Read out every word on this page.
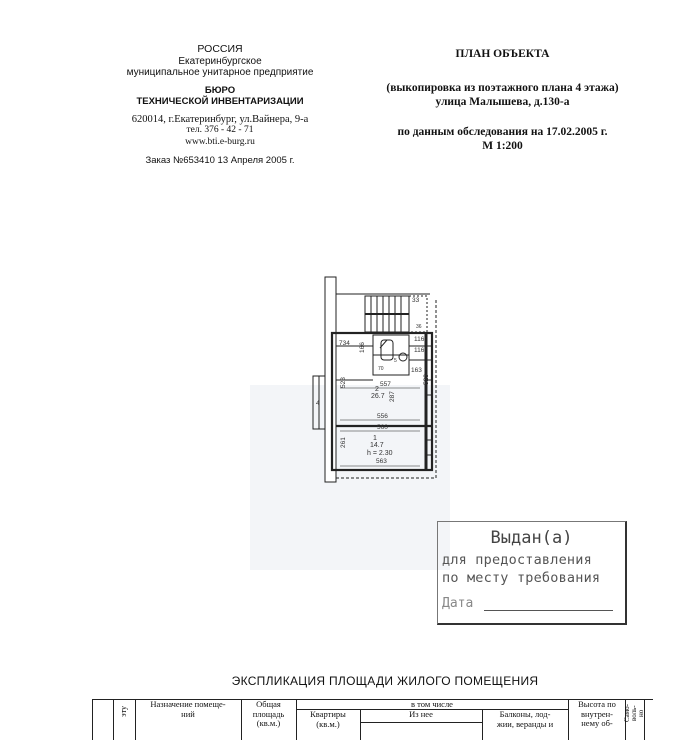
РОССИЯ
Екатеринбургское
муниципальное унитарное предприятие
БЮРО
ТЕХНИЧЕСКОЙ ИНВЕНТАРИЗАЦИИ
620014, г.Екатеринбург, ул.Вайнера, 9-а
тел. 376 - 42 - 71
www.bti.e-burg.ru
Заказ №653410 13 Апреля 2005 г.
ПЛАН ОБЪЕКТА
(выкопировка из поэтажного плана 4 этажа)
улица Малышева, д.130-а
по данным обследования на 17.02.2005 г.
М 1:200
33
734
116
116
163
166
557
2
26.7 287
556
560
523	523
1
14.7
h = 2.30
261
563
4
70
36
5
Выдан(а)
для предоставления
по месту требования
Дата
ЭКСПЛИКАЦИЯ ПЛОЩАДИ ЖИЛОГО ПОМЕЩЕНИЯ
эту
Назначение помеще-
ний
Общая
площадь
(кв.м.)
в том числе
Квартиры
(кв.м.)
Из нее	Балконы, лод-
жии, веранды и
Высота по
внутрен-
нему об-
Само-
воль-
но
